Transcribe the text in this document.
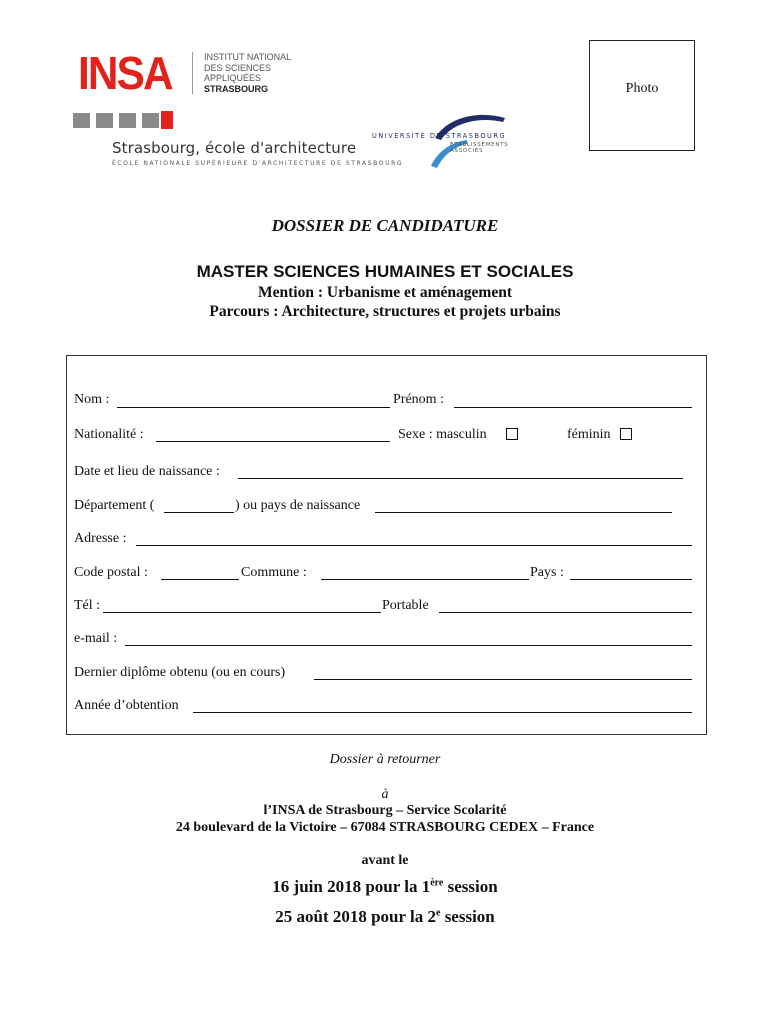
INSA	INSTITUT NATIONAL
DES SCIENCES
APPLIQUÉES
STRASBOURG
Strasbourg, école d'architecture
ÉCOLE NATIONALE SUPÉRIEURE D'ARCHITECTURE DE STRASBOURG
UNIVERSITÉ DE STRASBOURG
ÉTABLISSEMENTS
ASSOCIÉS
Photo
DOSSIER DE CANDIDATURE
MASTER SCIENCES HUMAINES ET SOCIALES
Mention : Urbanisme et aménagement
Parcours : Architecture, structures et projets urbains
Nom :	Prénom :
Nationalité :	Sexe : masculin	féminin
Date et lieu de naissance :
Département (	) ou pays de naissance
Adresse :
Code postal :	Commune :	Pays :
Tél :	Portable
e-mail :
Dernier diplôme obtenu (ou en cours)
Année d’obtention
Dossier à retourner
à
l’INSA de Strasbourg – Service Scolarité
24 boulevard de la Victoire – 67084 STRASBOURG CEDEX – France
avant le
16 juin 2018 pour la 1ère session
25 août 2018 pour la 2e session
